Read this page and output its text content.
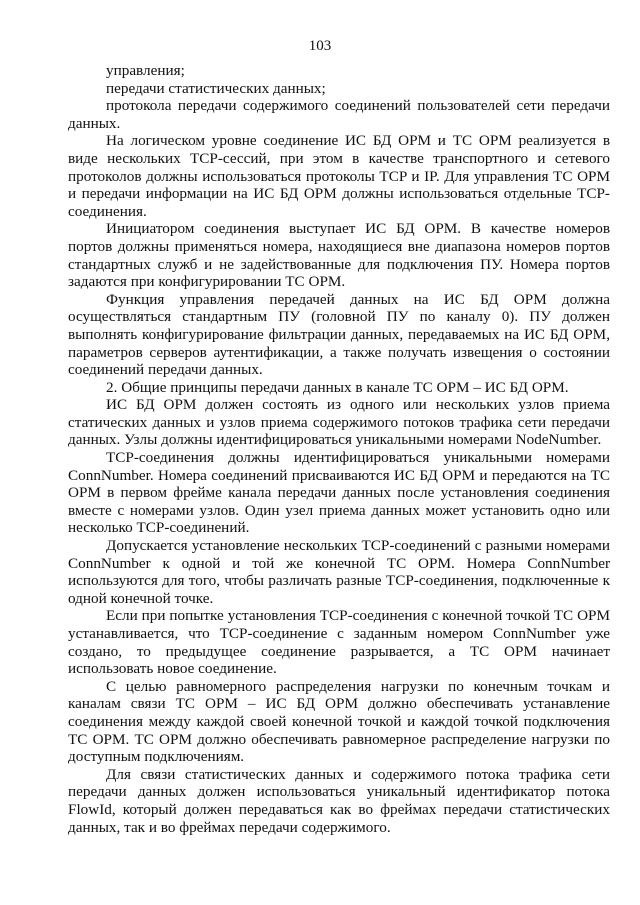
103

управления;

передачи статистических данных;

протокола передачи содержимого соединений пользователей сети передачи данных.

На логическом уровне соединение ИС БД ОРМ и ТС ОРМ реализуется в виде нескольких TCP-сессий, при этом в качестве транспортного и сетевого протоколов должны использоваться протоколы TCP и IP. Для управления ТС ОРМ и передачи информации на ИС БД ОРМ должны использоваться отдельные TCP-соединения.

Инициатором соединения выступает ИС БД ОРМ. В качестве номеров портов должны применяться номера, находящиеся вне диапазона номеров портов стандартных служб и не задействованные для подключения ПУ. Номера портов задаются при конфигурировании ТС ОРМ.

Функция управления передачей данных на ИС БД ОРМ должна осуществляться стандартным ПУ (головной ПУ по каналу 0). ПУ должен выполнять конфигурирование фильтрации данных, передаваемых на ИС БД ОРМ, параметров серверов аутентификации, а также получать извещения о состоянии соединений передачи данных.

2. Общие принципы передачи данных в канале ТС ОРМ – ИС БД ОРМ.

ИС БД ОРМ должен состоять из одного или нескольких узлов приема статических данных и узлов приема содержимого потоков трафика сети передачи данных. Узлы должны идентифицироваться уникальными номерами NodeNumber.

TCP-соединения должны идентифицироваться уникальными номерами ConnNumber. Номера соединений присваиваются ИС БД ОРМ и передаются на ТС ОРМ в первом фрейме канала передачи данных после установления соединения вместе с номерами узлов. Один узел приема данных может установить одно или несколько TCP-соединений.

Допускается установление нескольких TCP-соединений с разными номерами ConnNumber к одной и той же конечной ТС ОРМ. Номера ConnNumber используются для того, чтобы различать разные TCP-соединения, подключенные к одной конечной точке.

Если при попытке установления TCP-соединения с конечной точкой ТС ОРМ устанавливается, что TCP-соединение с заданным номером ConnNumber уже создано, то предыдущее соединение разрывается, а ТС ОРМ начинает использовать новое соединение.

С целью равномерного распределения нагрузки по конечным точкам и каналам связи ТС ОРМ – ИС БД ОРМ должно обеспечивать устанавление соединения между каждой своей конечной точкой и каждой точкой подключения ТС ОРМ. ТС ОРМ должно обеспечивать равномерное распределение нагрузки по доступным подключениям.

Для связи статистических данных и содержимого потока трафика сети передачи данных должен использоваться уникальный идентификатор потока FlowId, который должен передаваться как во фреймах передачи статистических данных, так и во фреймах передачи содержимого.
